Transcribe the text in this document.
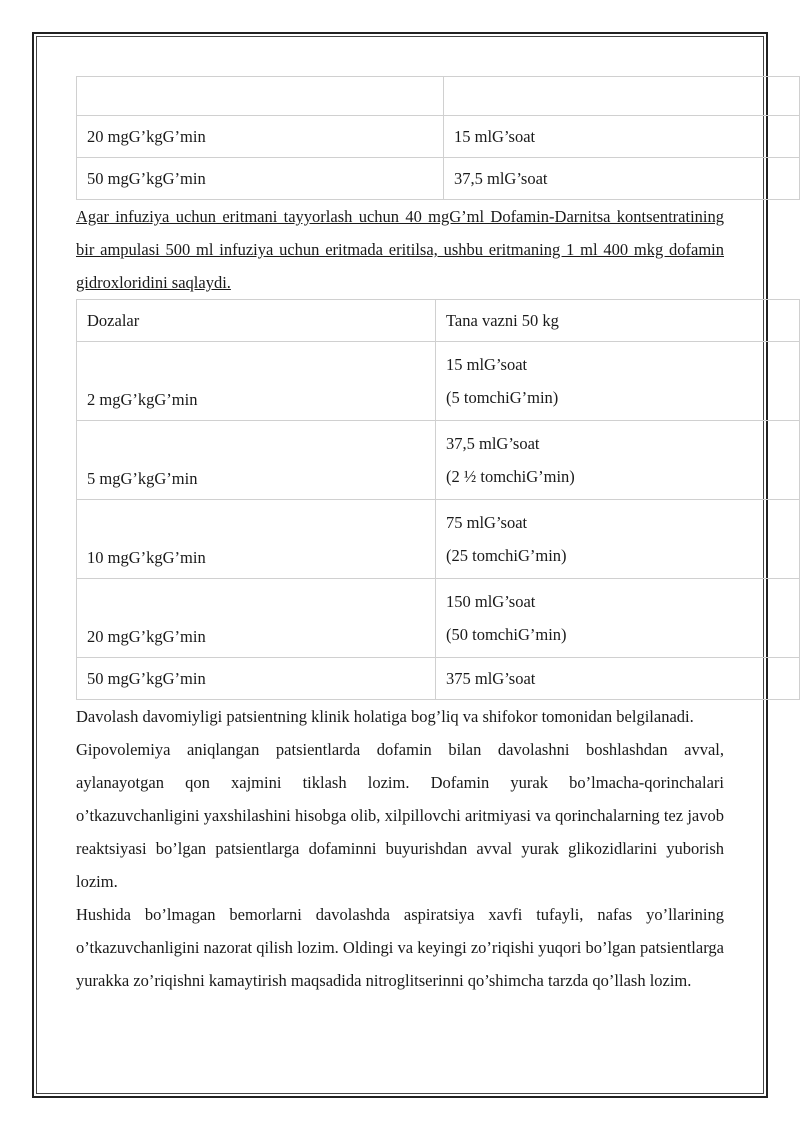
20 mgG’kgG’min	15 mlG’soat
50 mgG’kgG’min	37,5 mlG’soat

Agar infuziya uchun eritmani tayyorlash uchun 40 mgG’ml Dofamin-Darnitsa kontsentratining bir ampulasi 500 ml infuziya uchun eritmada eritilsa, ushbu eritmaning 1 ml 400 mkg dofamin gidroxloridini saqlaydi.

Dozalar	Tana vazni 50 kg
2 mgG’kgG’min	15 mlG’soat
(5 tomchiG’min)

5 mgG’kgG’min	37,5 mlG’soat
(2 ½ tomchiG’min)

10 mgG’kgG’min	75 mlG’soat
(25 tomchiG’min)

20 mgG’kgG’min	150 mlG’soat
(50 tomchiG’min)

50 mgG’kgG’min	375 mlG’soat

Davolash davomiyligi patsientning klinik holatiga bog’liq va shifokor tomonidan belgilanadi.

Gipovolemiya aniqlangan patsientlarda dofamin bilan davolashni boshlashdan avval, aylanayotgan qon xajmini tiklash lozim. Dofamin yurak bo’lmacha-qorinchalari o’tkazuvchanligini yaxshilashini hisobga olib, xilpillovchi aritmiyasi va qorinchalarning tez javob reaktsiyasi bo’lgan patsientlarga dofaminni buyurishdan avval yurak glikozidlarini yuborish lozim.

Hushida bo’lmagan bemorlarni davolashda aspiratsiya xavfi tufayli, nafas yo’llarining o’tkazuvchanligini nazorat qilish lozim. Oldingi va keyingi zo’riqishi yuqori bo’lgan patsientlarga yurakka zo’riqishni kamaytirish maqsadida nitroglitserinni qo’shimcha tarzda qo’llash lozim.
